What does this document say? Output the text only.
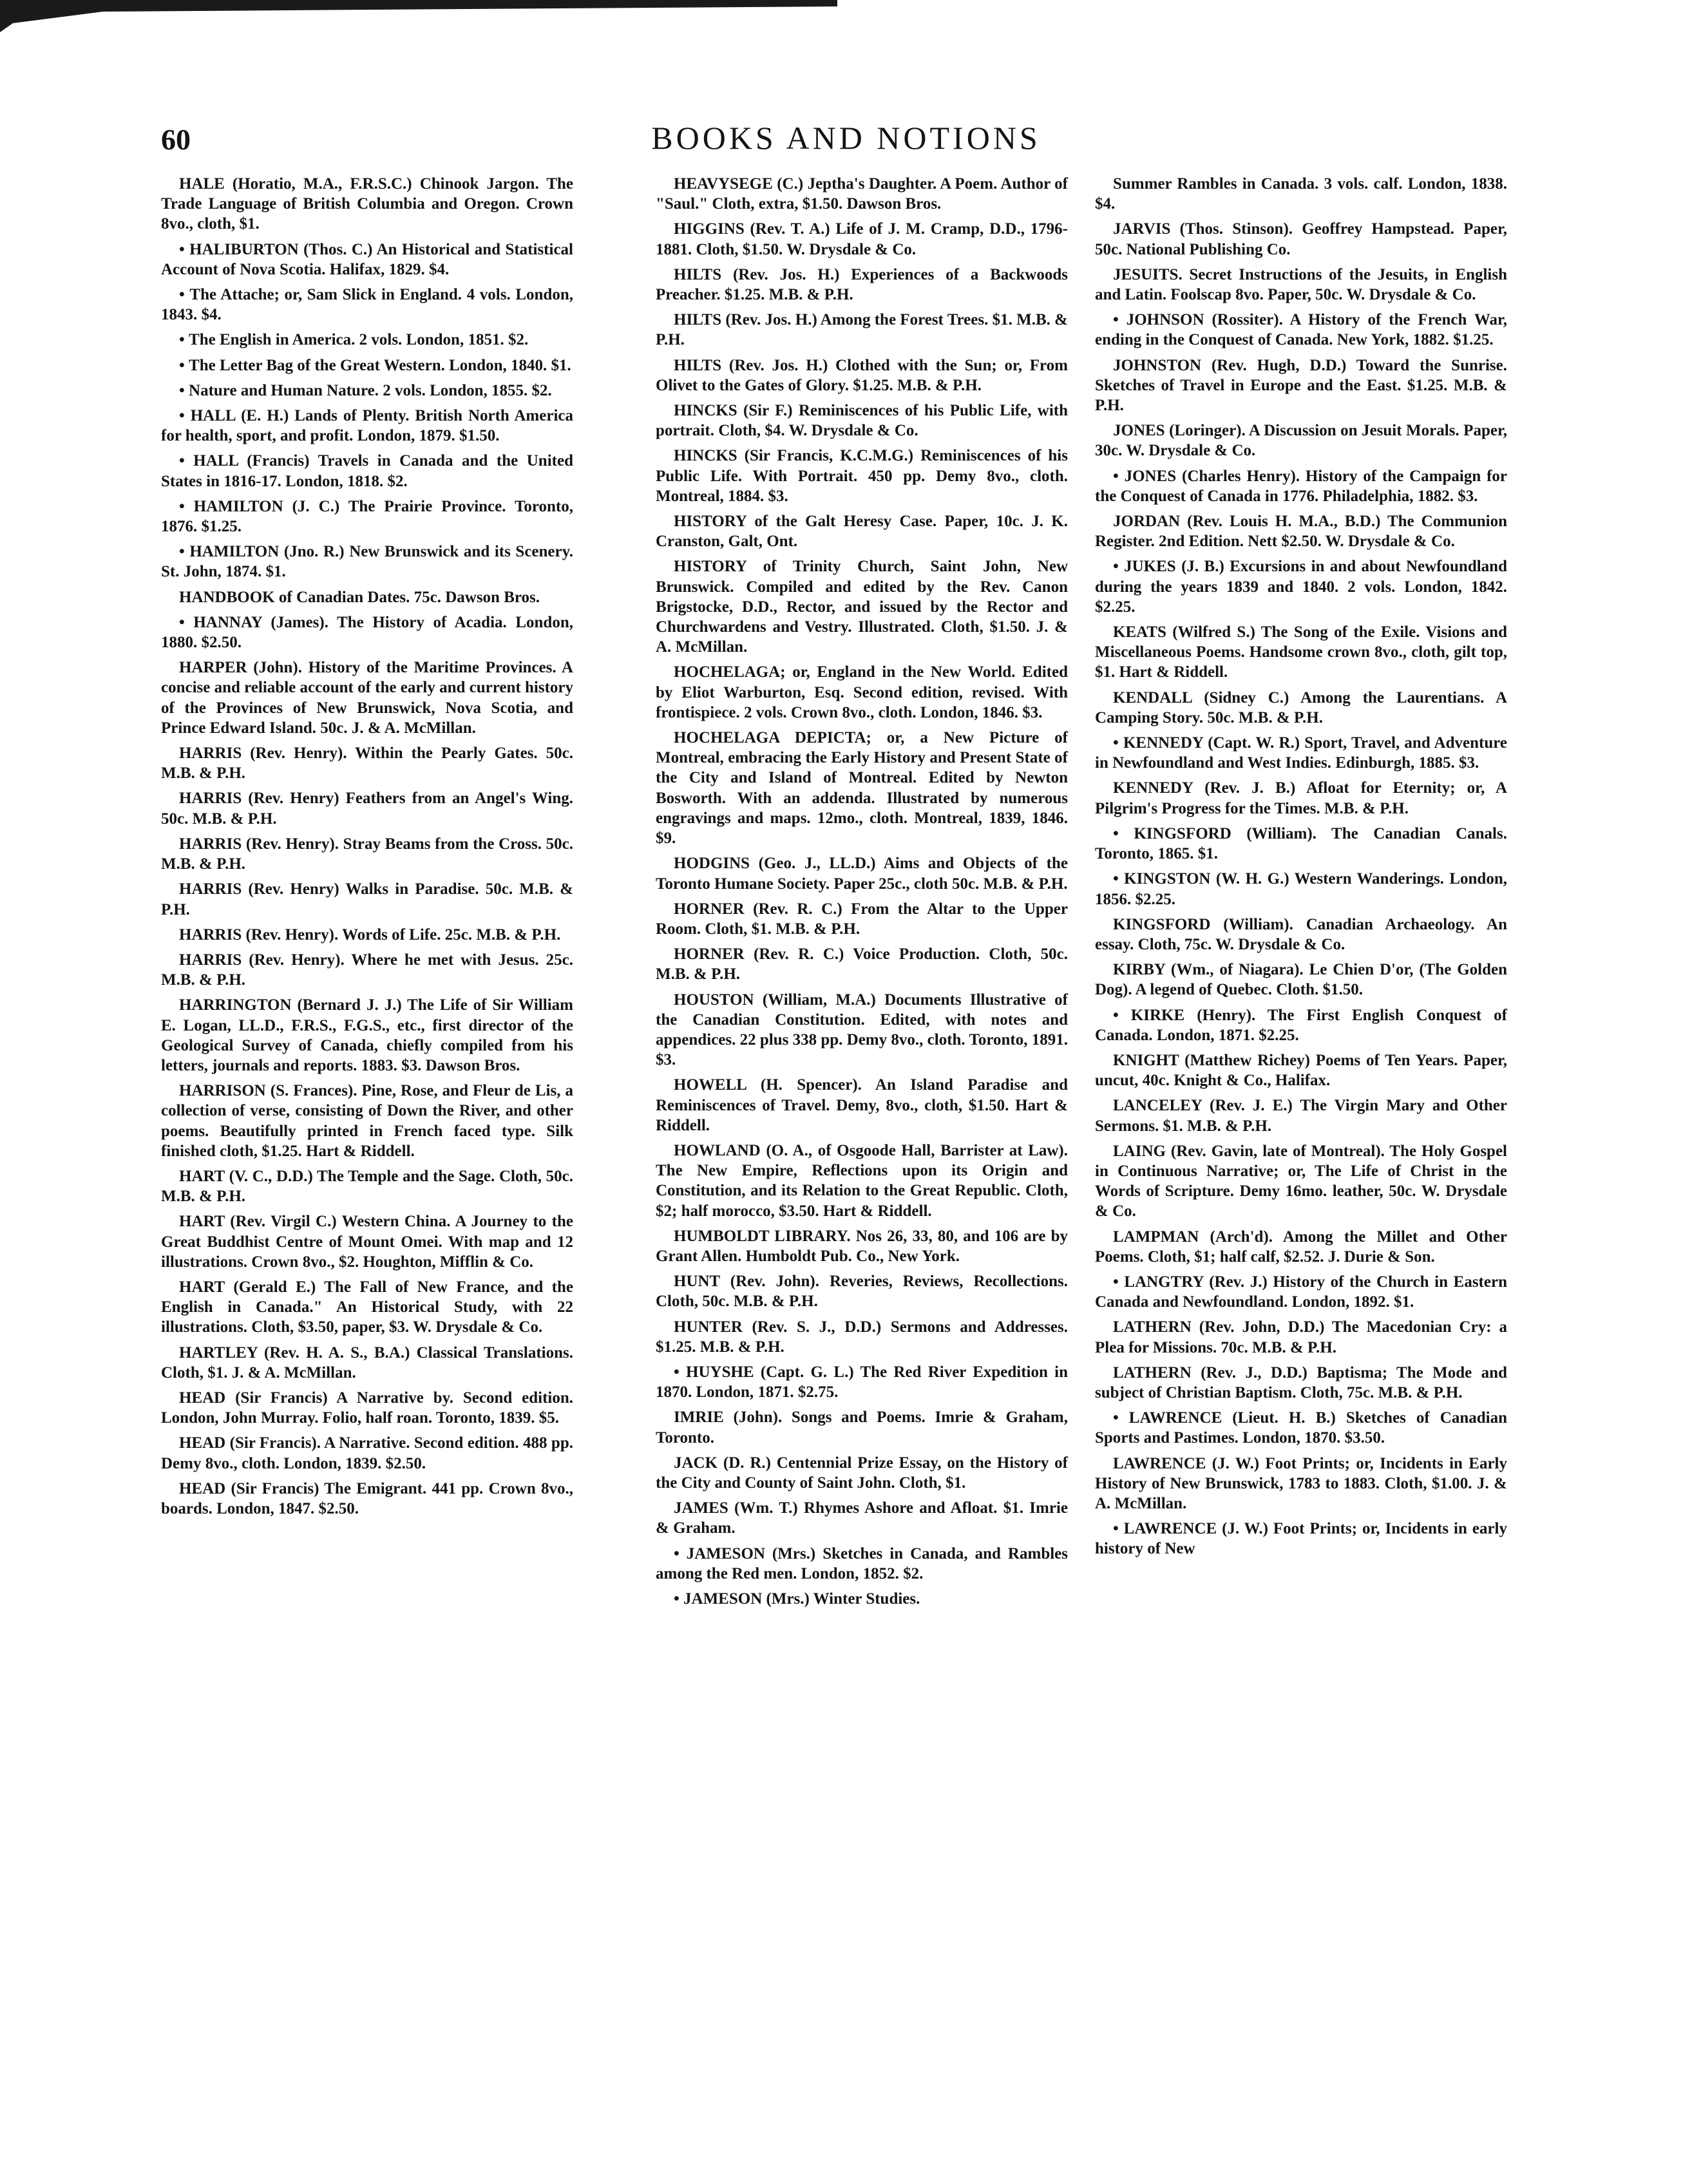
60	BOOKS AND NOTIONS

HALE (Horatio, M.A., F.R.S.C.) Chinook Jargon. The Trade Language of British Columbia and Oregon. Crown 8vo., cloth, $1.

• HALIBURTON (Thos. C.) An Historical and Statistical Account of Nova Scotia. Halifax, 1829. $4.

• The Attache; or, Sam Slick in England. 4 vols. London, 1843. $4.

• The English in America. 2 vols. London, 1851. $2.

• The Letter Bag of the Great Western. London, 1840. $1.

• Nature and Human Nature. 2 vols. London, 1855. $2.

• HALL (E. H.) Lands of Plenty. British North America for health, sport, and profit. London, 1879. $1.50.

• HALL (Francis) Travels in Canada and the United States in 1816-17. London, 1818. $2.

• HAMILTON (J. C.) The Prairie Province. Toronto, 1876. $1.25.

• HAMILTON (Jno. R.) New Brunswick and its Scenery. St. John, 1874. $1.

HANDBOOK of Canadian Dates. 75c. Dawson Bros.

• HANNAY (James). The History of Acadia. London, 1880. $2.50.

HARPER (John). History of the Maritime Provinces. A concise and reliable account of the early and current history of the Provinces of New Brunswick, Nova Scotia, and Prince Edward Island. 50c. J. & A. McMillan.

HARRIS (Rev. Henry). Within the Pearly Gates. 50c. M.B. & P.H.

HARRIS (Rev. Henry) Feathers from an Angel's Wing. 50c. M.B. & P.H.

HARRIS (Rev. Henry). Stray Beams from the Cross. 50c. M.B. & P.H.

HARRIS (Rev. Henry) Walks in Paradise. 50c. M.B. & P.H.

HARRIS (Rev. Henry). Words of Life. 25c. M.B. & P.H.

HARRIS (Rev. Henry). Where he met with Jesus. 25c. M.B. & P.H.

HARRINGTON (Bernard J. J.) The Life of Sir William E. Logan, LL.D., F.R.S., F.G.S., etc., first director of the Geological Survey of Canada, chiefly compiled from his letters, journals and reports. 1883. $3. Dawson Bros.

HARRISON (S. Frances). Pine, Rose, and Fleur de Lis, a collection of verse, consisting of Down the River, and other poems. Beautifully printed in French faced type. Silk finished cloth, $1.25. Hart & Riddell.

HART (V. C., D.D.) The Temple and the Sage. Cloth, 50c. M.B. & P.H.

HART (Rev. Virgil C.) Western China. A Journey to the Great Buddhist Centre of Mount Omei. With map and 12 illustrations. Crown 8vo., $2. Houghton, Mifflin & Co.

HART (Gerald E.) The Fall of New France, and the English in Canada." An Historical Study, with 22 illustrations. Cloth, $3.50, paper, $3. W. Drysdale & Co.

HARTLEY (Rev. H. A. S., B.A.) Classical Translations. Cloth, $1. J. & A. McMillan.

HEAD (Sir Francis) A Narrative by. Second edition. London, John Murray. Folio, half roan. Toronto, 1839. $5.

HEAD (Sir Francis). A Narrative. Second edition. 488 pp. Demy 8vo., cloth. London, 1839. $2.50.

HEAD (Sir Francis) The Emigrant. 441 pp. Crown 8vo., boards. London, 1847. $2.50.

HEAVYSEGE (C.) Jeptha's Daughter. A Poem. Author of "Saul." Cloth, extra, $1.50. Dawson Bros.

HIGGINS (Rev. T. A.) Life of J. M. Cramp, D.D., 1796-1881. Cloth, $1.50. W. Drysdale & Co.

HILTS (Rev. Jos. H.) Experiences of a Backwoods Preacher. $1.25. M.B. & P.H.

HILTS (Rev. Jos. H.) Among the Forest Trees. $1. M.B. & P.H.

HILTS (Rev. Jos. H.) Clothed with the Sun; or, From Olivet to the Gates of Glory. $1.25. M.B. & P.H.

HINCKS (Sir F.) Reminiscences of his Public Life, with portrait. Cloth, $4. W. Drysdale & Co.

HINCKS (Sir Francis, K.C.M.G.) Reminiscences of his Public Life. With Portrait. 450 pp. Demy 8vo., cloth. Montreal, 1884. $3.

HISTORY of the Galt Heresy Case. Paper, 10c. J. K. Cranston, Galt, Ont.

HISTORY of Trinity Church, Saint John, New Brunswick. Compiled and edited by the Rev. Canon Brigstocke, D.D., Rector, and issued by the Rector and Churchwardens and Vestry. Illustrated. Cloth, $1.50. J. & A. McMillan.

HOCHELAGA; or, England in the New World. Edited by Eliot Warburton, Esq. Second edition, revised. With frontispiece. 2 vols. Crown 8vo., cloth. London, 1846. $3.

HOCHELAGA DEPICTA; or, a New Picture of Montreal, embracing the Early History and Present State of the City and Island of Montreal. Edited by Newton Bosworth. With an addenda. Illustrated by numerous engravings and maps. 12mo., cloth. Montreal, 1839, 1846. $9.

HODGINS (Geo. J., LL.D.) Aims and Objects of the Toronto Humane Society. Paper 25c., cloth 50c. M.B. & P.H.

HORNER (Rev. R. C.) From the Altar to the Upper Room. Cloth, $1. M.B. & P.H.

HORNER (Rev. R. C.) Voice Production. Cloth, 50c. M.B. & P.H.

HOUSTON (William, M.A.) Documents Illustrative of the Canadian Constitution. Edited, with notes and appendices. 22 plus 338 pp. Demy 8vo., cloth. Toronto, 1891. $3.

HOWELL (H. Spencer). An Island Paradise and Reminiscences of Travel. Demy, 8vo., cloth, $1.50. Hart & Riddell.

HOWLAND (O. A., of Osgoode Hall, Barrister at Law). The New Empire, Reflections upon its Origin and Constitution, and its Relation to the Great Republic. Cloth, $2; half morocco, $3.50. Hart & Riddell.

HUMBOLDT LIBRARY. Nos 26, 33, 80, and 106 are by Grant Allen. Humboldt Pub. Co., New York.

HUNT (Rev. John). Reveries, Reviews, Recollections. Cloth, 50c. M.B. & P.H.

HUNTER (Rev. S. J., D.D.) Sermons and Addresses. $1.25. M.B. & P.H.

• HUYSHE (Capt. G. L.) The Red River Expedition in 1870. London, 1871. $2.75.

IMRIE (John). Songs and Poems. Imrie & Graham, Toronto.

JACK (D. R.) Centennial Prize Essay, on the History of the City and County of Saint John. Cloth, $1.

JAMES (Wm. T.) Rhymes Ashore and Afloat. $1. Imrie & Graham.

• JAMESON (Mrs.) Sketches in Canada, and Rambles among the Red men. London, 1852. $2.

• JAMESON (Mrs.) Winter Studies.

Summer Rambles in Canada. 3 vols. calf. London, 1838. $4.

JARVIS (Thos. Stinson). Geoffrey Hampstead. Paper, 50c. National Publishing Co.

JESUITS. Secret Instructions of the Jesuits, in English and Latin. Foolscap 8vo. Paper, 50c. W. Drysdale & Co.

• JOHNSON (Rossiter). A History of the French War, ending in the Conquest of Canada. New York, 1882. $1.25.

JOHNSTON (Rev. Hugh, D.D.) Toward the Sunrise. Sketches of Travel in Europe and the East. $1.25. M.B. & P.H.

JONES (Loringer). A Discussion on Jesuit Morals. Paper, 30c. W. Drysdale & Co.

• JONES (Charles Henry). History of the Campaign for the Conquest of Canada in 1776. Philadelphia, 1882. $3.

JORDAN (Rev. Louis H. M.A., B.D.) The Communion Register. 2nd Edition. Nett $2.50. W. Drysdale & Co.

• JUKES (J. B.) Excursions in and about Newfoundland during the years 1839 and 1840. 2 vols. London, 1842. $2.25.

KEATS (Wilfred S.) The Song of the Exile. Visions and Miscellaneous Poems. Handsome crown 8vo., cloth, gilt top, $1. Hart & Riddell.

KENDALL (Sidney C.) Among the Laurentians. A Camping Story. 50c. M.B. & P.H.

• KENNEDY (Capt. W. R.) Sport, Travel, and Adventure in Newfoundland and West Indies. Edinburgh, 1885. $3.

KENNEDY (Rev. J. B.) Afloat for Eternity; or, A Pilgrim's Progress for the Times. M.B. & P.H.

• KINGSFORD (William). The Canadian Canals. Toronto, 1865. $1.

• KINGSTON (W. H. G.) Western Wanderings. London, 1856. $2.25.

KINGSFORD (William). Canadian Archaeology. An essay. Cloth, 75c. W. Drysdale & Co.

KIRBY (Wm., of Niagara). Le Chien D'or, (The Golden Dog). A legend of Quebec. Cloth. $1.50.

• KIRKE (Henry). The First English Conquest of Canada. London, 1871. $2.25.

KNIGHT (Matthew Richey) Poems of Ten Years. Paper, uncut, 40c. Knight & Co., Halifax.

LANCELEY (Rev. J. E.) The Virgin Mary and Other Sermons. $1. M.B. & P.H.

LAING (Rev. Gavin, late of Montreal). The Holy Gospel in Continuous Narrative; or, The Life of Christ in the Words of Scripture. Demy 16mo. leather, 50c. W. Drysdale & Co.

LAMPMAN (Arch'd). Among the Millet and Other Poems. Cloth, $1; half calf, $2.52. J. Durie & Son.

• LANGTRY (Rev. J.) History of the Church in Eastern Canada and Newfoundland. London, 1892. $1.

LATHERN (Rev. John, D.D.) The Macedonian Cry: a Plea for Missions. 70c. M.B. & P.H.

LATHERN (Rev. J., D.D.) Baptisma; The Mode and subject of Christian Baptism. Cloth, 75c. M.B. & P.H.

• LAWRENCE (Lieut. H. B.) Sketches of Canadian Sports and Pastimes. London, 1870. $3.50.

LAWRENCE (J. W.) Foot Prints; or, Incidents in Early History of New Brunswick, 1783 to 1883. Cloth, $1.00. J. & A. McMillan.

• LAWRENCE (J. W.) Foot Prints; or, Incidents in early history of New
